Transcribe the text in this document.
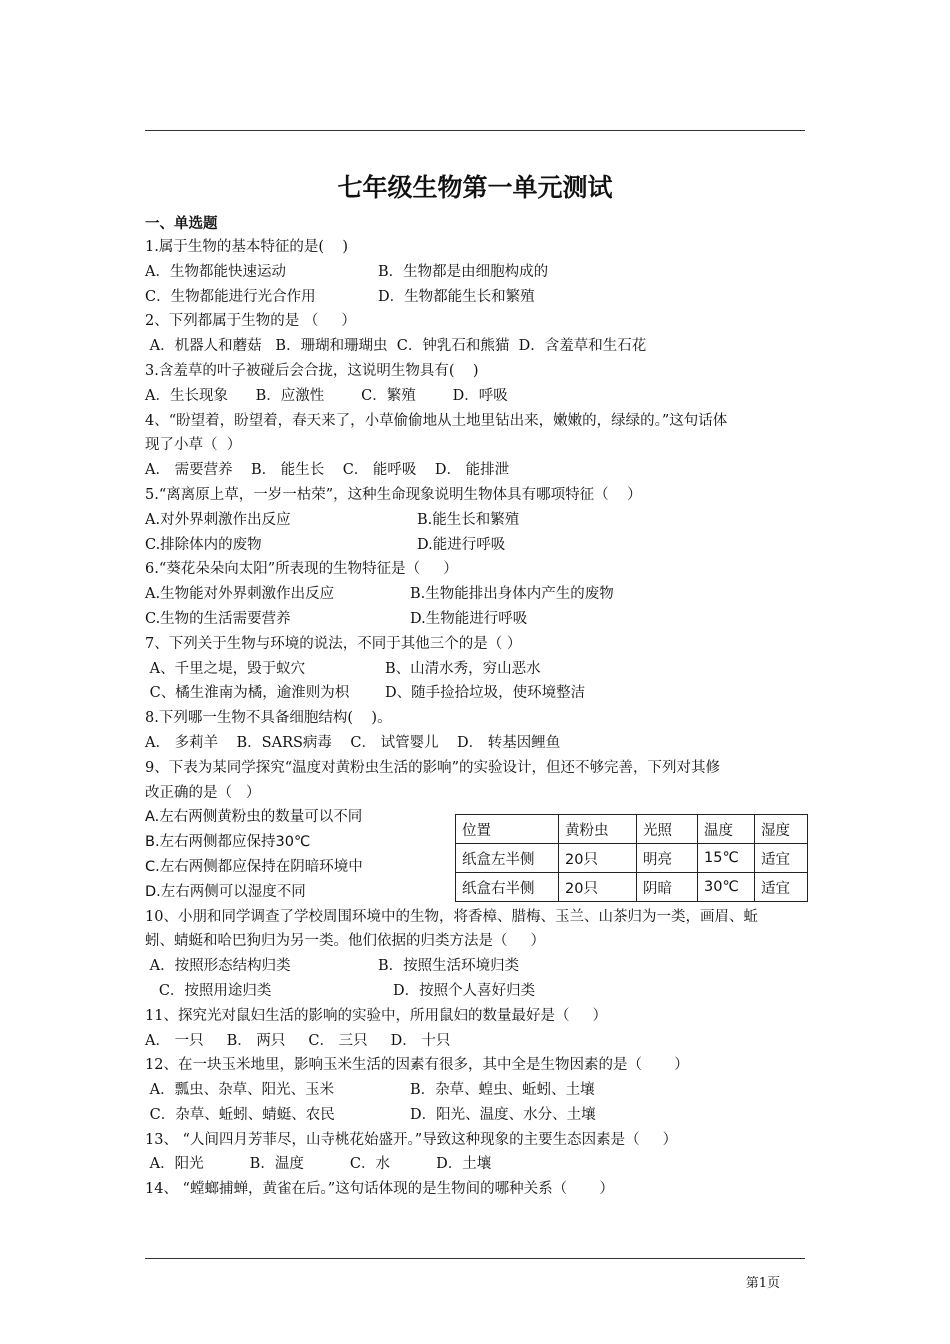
七年级生物第一单元测试
一、单选题
1.属于生物的基本特征的是(    )
A．生物都能快速运动	B．生物都是由细胞构成的
C．生物都能进行光合作用	D．生物都能生长和繁殖
2、下列都属于生物的是 （     ）
A．机器人和蘑菇   B．珊瑚和珊瑚虫  C．钟乳石和熊猫  D．含羞草和生石花
3.含羞草的叶子被碰后会合拢，这说明生物具有(    )
A．生长现象      B．应激性        C．繁殖        D．呼吸
4、“盼望着，盼望着，春天来了，小草偷偷地从土地里钻出来，嫩嫩的，绿绿的。”这句话体
现了小草（  ）
A． 需要营养    B． 能生长    C． 能呼吸    D． 能排泄
5.“离离原上草，一岁一枯荣”，这种生命现象说明生物体具有哪项特征（    ）
A.对外界刺激作出反应	B.能生长和繁殖
C.排除体内的废物	D.能进行呼吸
6.“葵花朵朵向太阳”所表现的生物特征是（     ）
A.生物能对外界刺激作出反应	B.生物能排出身体内产生的废物
C.生物的生活需要营养	D.生物能进行呼吸
7、下列关于生物与环境的说法，不同于其他三个的是（ ）
A、千里之堤，毁于蚁穴	B、山清水秀，穷山恶水
C、橘生淮南为橘，逾淮则为枳 D、随手捡拾垃圾，使环境整洁
8.下列哪一生物不具备细胞结构(    )。
A． 多莉羊    B．SARS病毒    C． 试管婴儿    D． 转基因鲤鱼
9、下表为某同学探究“温度对黄粉虫生活的影响”的实验设计，但还不够完善，下列对其修
改正确的是（   ）
A.左右两侧黄粉虫的数量可以不同
B.左右两侧都应保持30℃
C.左右两侧都应保持在阴暗环境中
D.左右两侧可以湿度不同
10、小朋和同学调查了学校周围环境中的生物，将香樟、腊梅、玉兰、山茶归为一类，画眉、蚯
蚓、蜻蜓和哈巴狗归为另一类。他们依据的归类方法是（     ）
A．按照形态结构归类	B．按照生活环境归类
C．按照用途归类	D．按照个人喜好归类
11、探究光对鼠妇生活的影响的实验中，所用鼠妇的数量最好是（     ）
A． 一只     B． 两只     C． 三只     D． 十只
12、在一块玉米地里，影响玉米生活的因素有很多，其中全是生物因素的是（       ）
A．瓢虫、杂草、阳光、玉米	B．杂草、蝗虫、蚯蚓、土壤
C．杂草、蚯蚓、蜻蜓、农民	D．阳光、温度、水分、土壤
13、 “人间四月芳菲尽，山寺桃花始盛开。”导致这种现象的主要生态因素是（     ）
A．阳光          B．温度          C．水          D．土壤
14、 “螳螂捕蝉，黄雀在后。”这句话体现的是生物间的哪种关系（       ）
位置	黄粉虫	光照	温度	湿度
纸盒左半侧	20只	明亮	15℃	适宜
纸盒右半侧	20只	阴暗	30℃	适宜
第1页
